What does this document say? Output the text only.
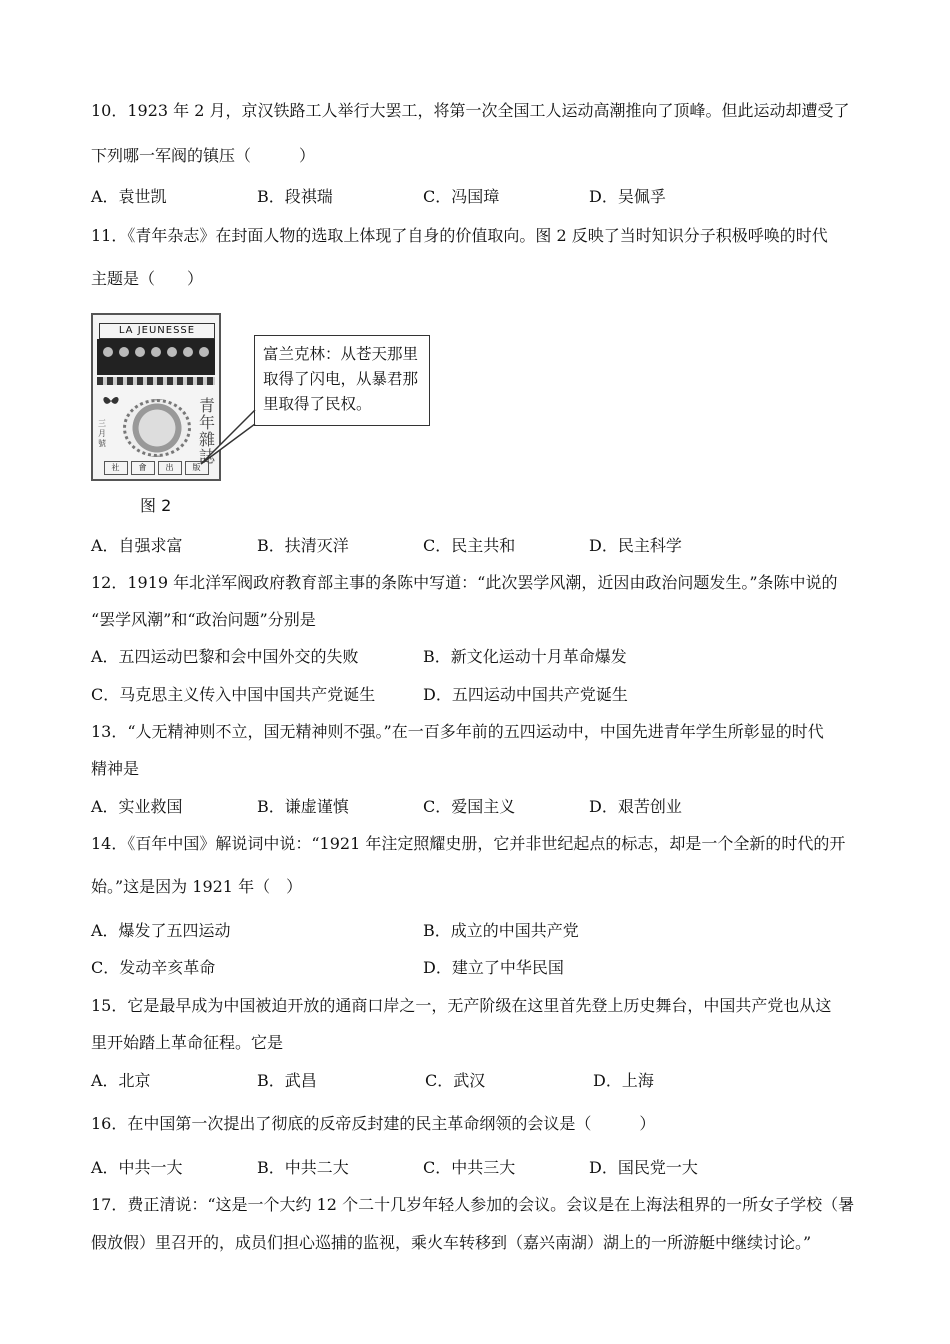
10．1923 年 2 月，京汉铁路工人举行大罢工，将第一次全国工人运动高潮推向了顶峰。但此运动却遭受了
下列哪一军阀的镇压（　　　）
A．袁世凯	B．段祺瑞	C．冯国璋	D．吴佩孚
11．《青年杂志》在封面人物的选取上体现了自身的价值取向。图 2 反映了当时知识分子积极呼唤的时代
主题是（　　）
LA JEUNESSE
三月號
青年雜誌
社	會	出	版
富兰克林：从苍天那里取得了闪电，从暴君那里取得了民权。
图 2
A．自强求富	B．扶清灭洋	C．民主共和	D．民主科学
12．1919 年北洋军阀政府教育部主事的条陈中写道：“此次罢学风潮，近因由政治问题发生。”条陈中说的
“罢学风潮”和“政治问题”分别是
A．五四运动巴黎和会中国外交的失败	B．新文化运动十月革命爆发
C．马克思主义传入中国中国共产党诞生	D．五四运动中国共产党诞生
13．“人无精神则不立，国无精神则不强。”在一百多年前的五四运动中，中国先进青年学生所彰显的时代
精神是
A．实业救国	B．谦虚谨慎	C．爱国主义	D．艰苦创业
14．《百年中国》解说词中说：“1921 年注定照耀史册，它并非世纪起点的标志，却是一个全新的时代的开
始。”这是因为 1921 年（　）
A．爆发了五四运动	B．成立的中国共产党
C．发动辛亥革命	D．建立了中华民国
15．它是最早成为中国被迫开放的通商口岸之一，无产阶级在这里首先登上历史舞台，中国共产党也从这
里开始踏上革命征程。它是
A．北京	B．武昌	C．武汉	D．上海
16．在中国第一次提出了彻底的反帝反封建的民主革命纲领的会议是（　　　）
A．中共一大	B．中共二大	C．中共三大	D．国民党一大
17．费正清说：“这是一个大约 12 个二十几岁年轻人参加的会议。会议是在上海法租界的一所女子学校（暑
假放假）里召开的，成员们担心巡捕的监视，乘火车转移到（嘉兴南湖）湖上的一所游艇中继续讨论。”
